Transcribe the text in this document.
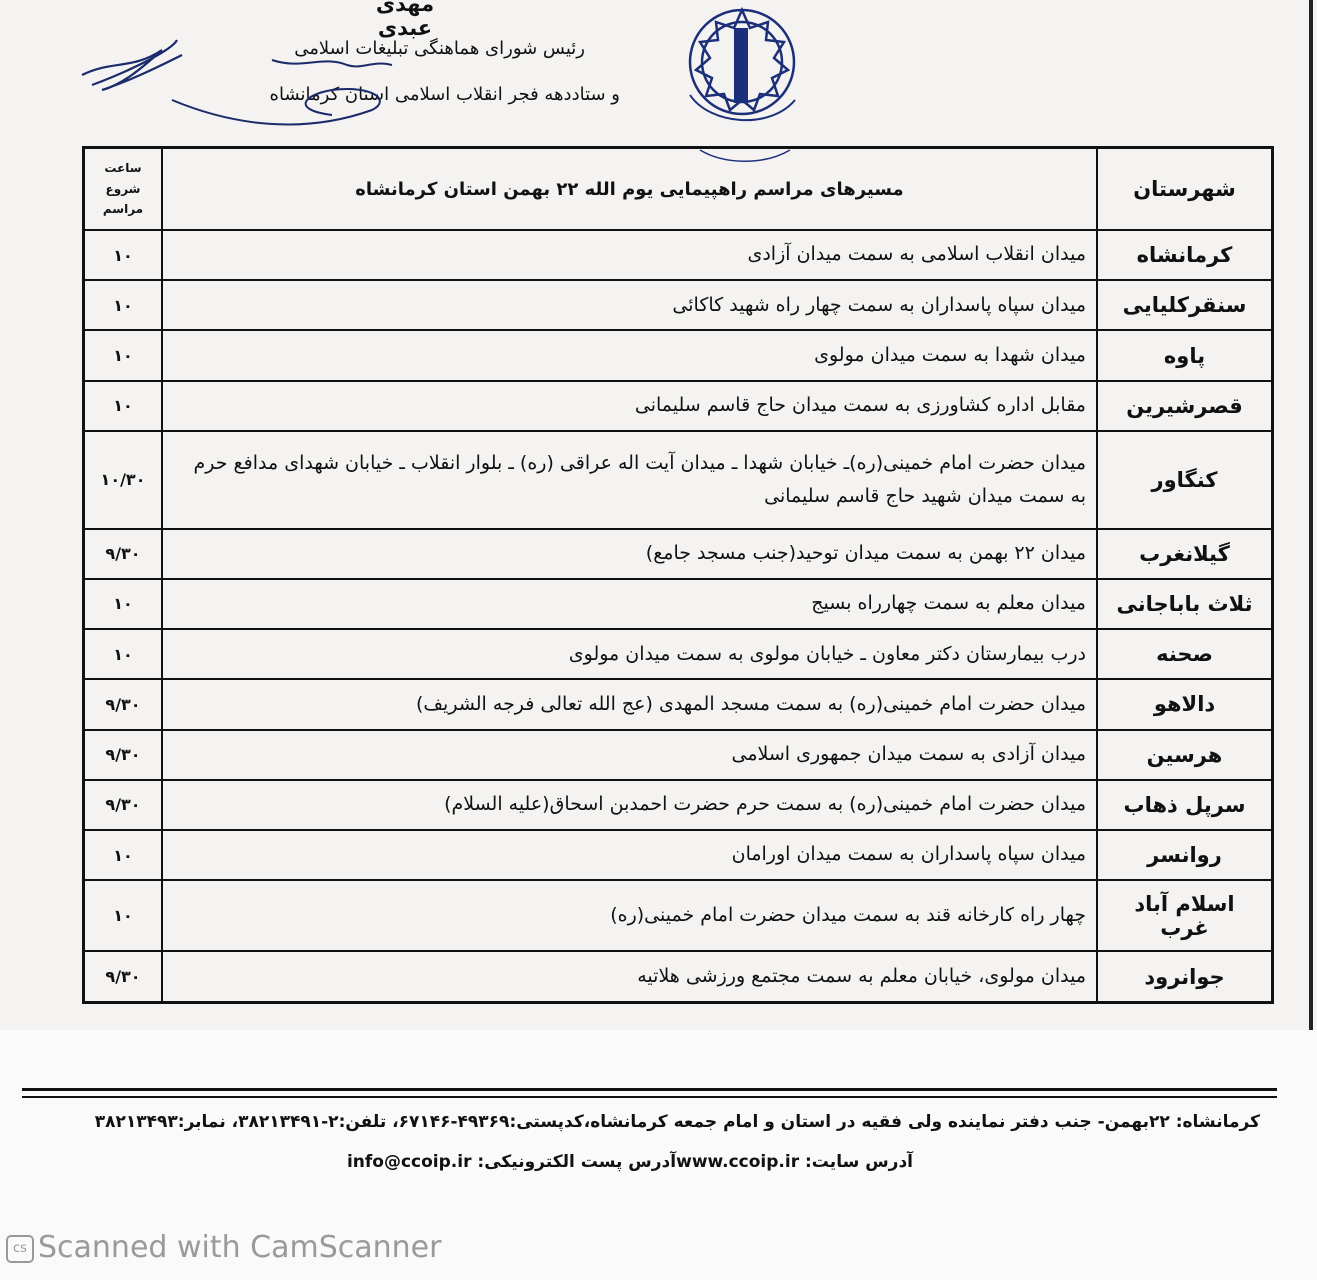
مهدی عبدی
رئیس شورای هماهنگی تبلیغات اسلامی
و ستاددهه فجر انقلاب اسلامی استان کرمانشاه
شهرستان	مسیرهای مراسم راهپیمایی یوم الله ۲۲ بهمن استان کرمانشاه	ساعت شروع مراسم
کرمانشاه	میدان انقلاب اسلامی به سمت میدان آزادی	۱۰
سنقرکلیایی	میدان سپاه پاسداران به سمت چهار راه شهید کاکائی	۱۰
پاوه	میدان شهدا به سمت میدان مولوی	۱۰
قصرشیرین	مقابل اداره کشاورزی به سمت میدان حاج قاسم سلیمانی	۱۰
کنگاور	میدان حضرت امام خمینی(ره)ـ خیابان شهدا ـ میدان آیت اله عراقی (ره) ـ بلوار انقلاب ـ خیابان شهدای مدافع حرم به سمت میدان شهید حاج قاسم سلیمانی	۱۰/۳۰
گیلانغرب	میدان ۲۲ بهمن به سمت میدان توحید(جنب مسجد جامع)	۹/۳۰
ثلاث باباجانی	میدان معلم به سمت چهارراه بسیج	۱۰
صحنه	درب بیمارستان دکتر معاون ـ خیابان مولوی به سمت میدان مولوی	۱۰
دالاهو	میدان حضرت امام خمینی(ره) به سمت مسجد المهدی (عج الله تعالی فرجه الشریف)	۹/۳۰
هرسین	میدان آزادی به سمت میدان جمهوری اسلامی	۹/۳۰
سرپل ذهاب	میدان حضرت امام خمینی(ره) به سمت حرم حضرت احمدبن اسحاق(علیه السلام)	۹/۳۰
روانسر	میدان سپاه پاسداران به سمت میدان اورامان	۱۰
اسلام آباد غرب	چهار راه کارخانه قند به سمت میدان حضرت امام خمینی(ره)	۱۰
جوانرود	میدان مولوی، خیابان معلم به سمت مجتمع ورزشی هلاتیه	۹/۳۰
کرمانشاه: ۲۲بهمن- جنب دفتر نماینده ولی فقیه در استان و امام جمعه کرمانشاه،کدپستی:۴۹۳۶۹-۶۷۱۴۶، تلفن:۲-۳۸۲۱۳۴۹۱، نمابر:۳۸۲۱۳۴۹۳
آدرس سایت: www.ccoip.irآدرس پست الکترونیکی: info@ccoip.ir
cs Scanned with CamScanner
